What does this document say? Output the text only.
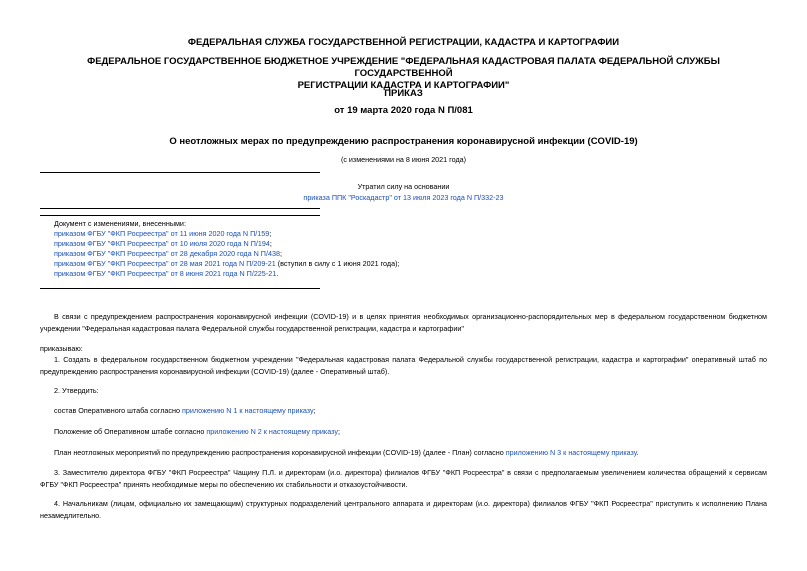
ФЕДЕРАЛЬНАЯ СЛУЖБА ГОСУДАРСТВЕННОЙ РЕГИСТРАЦИИ, КАДАСТРА И КАРТОГРАФИИ
ФЕДЕРАЛЬНОЕ ГОСУДАРСТВЕННОЕ БЮДЖЕТНОЕ УЧРЕЖДЕНИЕ "ФЕДЕРАЛЬНАЯ КАДАСТРОВАЯ ПАЛАТА ФЕДЕРАЛЬНОЙ СЛУЖБЫ ГОСУДАРСТВЕННОЙ
РЕГИСТРАЦИИ КАДАСТРА И КАРТОГРАФИИ"
ПРИКАЗ
от 19 марта 2020 года N П/081
О неотложных мерах по предупреждению распространения коронавирусной инфекции (COVID-19)
(с изменениями на 8 июня 2021 года)
Утратил силу на основании
приказа ППК "Роскадастр" от 13 июля 2023 года N П/332-23
Документ с изменениями, внесенными:
приказом ФГБУ "ФКП Росреестра" от 11 июня 2020 года N П/159;
приказом ФГБУ "ФКП Росреестра" от 10 июля 2020 года N П/194;
приказом ФГБУ "ФКП Росреестра" от 28 декабря 2020 года N П/438;
приказом ФГБУ "ФКП Росреестра" от 28 мая 2021 года N П/209-21 (вступил в силу с 1 июня 2021 года);
приказом ФГБУ "ФКП Росреестра" от 8 июня 2021 года N П/225-21.
В связи с предупреждением распространения коронавирусной инфекции (COVID-19) и в целях принятия необходимых организационно-распорядительных мер в федеральном государственном бюджетном учреждении "Федеральная кадастровая палата Федеральной службы государственной регистрации, кадастра и картографии"
приказываю:
1. Создать в федеральном государственном бюджетном учреждении "Федеральная кадастровая палата Федеральной службы государственной регистрации, кадастра и картографии" оперативный штаб по предупреждению распространения коронавирусной инфекции (COVID-19) (далее - Оперативный штаб).
2. Утвердить:
состав Оперативного штаба согласно приложению N 1 к настоящему приказу;
Положение об Оперативном штабе согласно приложению N 2 к настоящему приказу;
План неотложных мероприятий по предупреждению распространения коронавирусной инфекции (COVID-19) (далее - План) согласно приложению N 3 к настоящему приказу.
3. Заместителю директора ФГБУ "ФКП Росреестра" Чащину П.Л. и директорам (и.о. директора) филиалов ФГБУ "ФКП Росреестра" в связи с предполагаемым увеличением количества обращений к сервисам ФГБУ "ФКП Росреестра" принять необходимые меры по обеспечению их стабильности и отказоустойчивости.
4. Начальникам (лицам, официально их замещающим) структурных подразделений центрального аппарата и директорам (и.о. директора) филиалов ФГБУ "ФКП Росреестра" приступить к исполнению Плана незамедлительно.
